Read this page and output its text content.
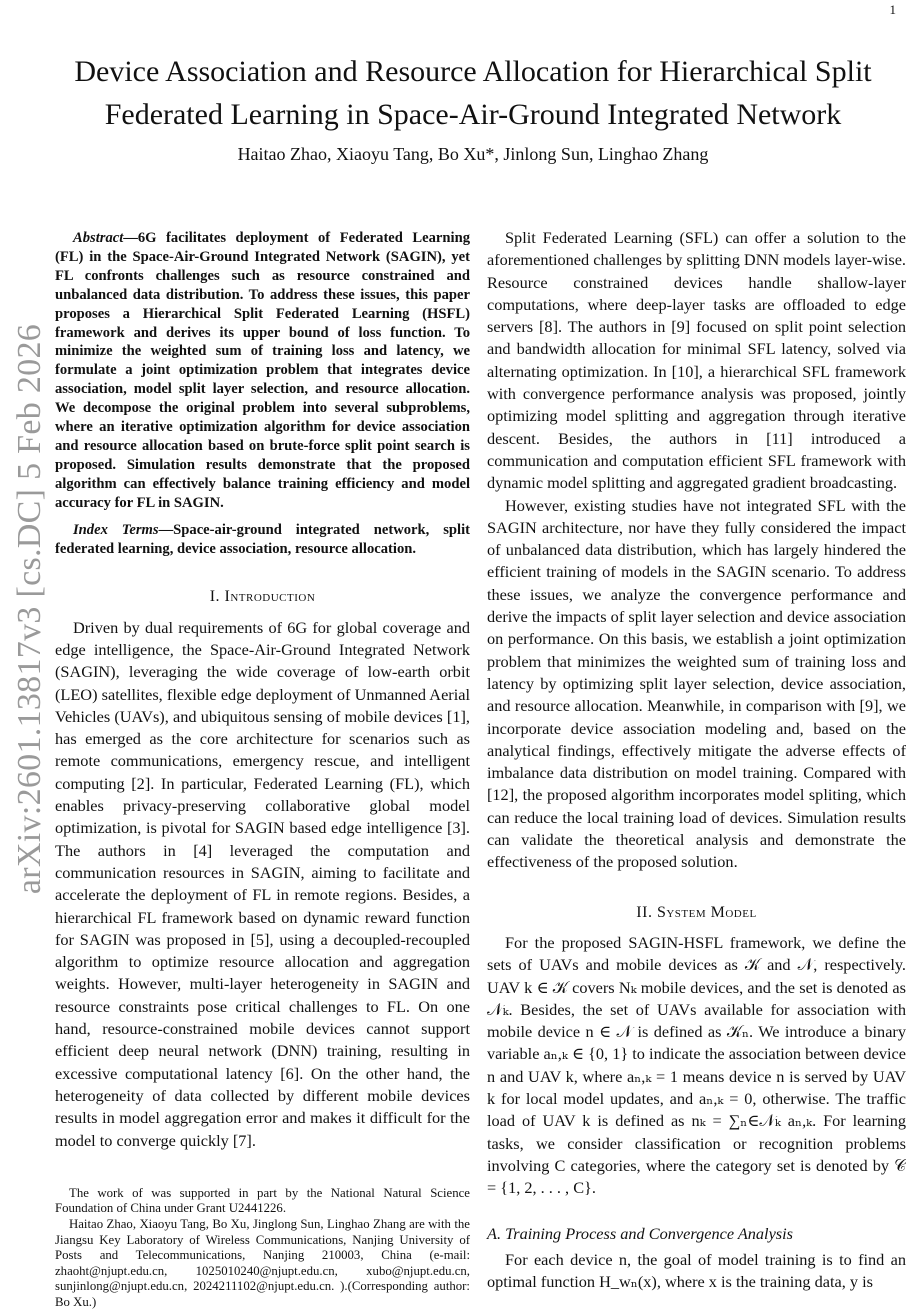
1
arXiv:2601.13817v3 [cs.DC] 5 Feb 2026
Device Association and Resource Allocation for Hierarchical Split
Federated Learning in Space-Air-Ground Integrated Network
Haitao Zhao, Xiaoyu Tang, Bo Xu*, Jinlong Sun, Linghao Zhang

Abstract—6G facilitates deployment of Federated Learning (FL) in the Space-Air-Ground Integrated Network (SAGIN), yet FL confronts challenges such as resource constrained and unbalanced data distribution. To address these issues, this paper proposes a Hierarchical Split Federated Learning (HSFL) framework and derives its upper bound of loss function. To minimize the weighted sum of training loss and latency, we formulate a joint optimization problem that integrates device association, model split layer selection, and resource allocation. We decompose the original problem into several subproblems, where an iterative optimization algorithm for device association and resource allocation based on brute-force split point search is proposed. Simulation results demonstrate that the proposed algorithm can effectively balance training efficiency and model accuracy for FL in SAGIN.

Index Terms—Space-air-ground integrated network, split federated learning, device association, resource allocation.

I. Introduction

Driven by dual requirements of 6G for global coverage and edge intelligence, the Space-Air-Ground Integrated Network (SAGIN), leveraging the wide coverage of low-earth orbit (LEO) satellites, flexible edge deployment of Unmanned Aerial Vehicles (UAVs), and ubiquitous sensing of mobile devices [1], has emerged as the core architecture for scenarios such as remote communications, emergency rescue, and intelligent computing [2]. In particular, Federated Learning (FL), which enables privacy-preserving collaborative global model optimization, is pivotal for SAGIN based edge intelligence [3]. The authors in [4] leveraged the computation and communication resources in SAGIN, aiming to facilitate and accelerate the deployment of FL in remote regions. Besides, a hierarchical FL framework based on dynamic reward function for SAGIN was proposed in [5], using a decoupled-recoupled algorithm to optimize resource allocation and aggregation weights. However, multi-layer heterogeneity in SAGIN and resource constraints pose critical challenges to FL. On one hand, resource-constrained mobile devices cannot support efficient deep neural network (DNN) training, resulting in excessive computational latency [6]. On the other hand, the heterogeneity of data collected by different mobile devices results in model aggregation error and makes it difficult for the model to converge quickly [7].

The work of was supported in part by the National Natural Science Foundation of China under Grant U2441226.

Haitao Zhao, Xiaoyu Tang, Bo Xu, Jinglong Sun, Linghao Zhang are with the Jiangsu Key Laboratory of Wireless Communications, Nanjing University of Posts and Telecommunications, Nanjing 210003, China (e-mail: zhaoht@njupt.edu.cn, 1025010240@njupt.edu.cn, xubo@njupt.edu.cn, sunjinlong@njupt.edu.cn, 2024211102@njupt.edu.cn. ).(Corresponding author: Bo Xu.)

Split Federated Learning (SFL) can offer a solution to the aforementioned challenges by splitting DNN models layer-wise. Resource constrained devices handle shallow-layer computations, where deep-layer tasks are offloaded to edge servers [8]. The authors in [9] focused on split point selection and bandwidth allocation for minimal SFL latency, solved via alternating optimization. In [10], a hierarchical SFL framework with convergence performance analysis was proposed, jointly optimizing model splitting and aggregation through iterative descent. Besides, the authors in [11] introduced a communication and computation efficient SFL framework with dynamic model splitting and aggregated gradient broadcasting.

However, existing studies have not integrated SFL with the SAGIN architecture, nor have they fully considered the impact of unbalanced data distribution, which has largely hindered the efficient training of models in the SAGIN scenario. To address these issues, we analyze the convergence performance and derive the impacts of split layer selection and device association on performance. On this basis, we establish a joint optimization problem that minimizes the weighted sum of training loss and latency by optimizing split layer selection, device association, and resource allocation. Meanwhile, in comparison with [9], we incorporate device association modeling and, based on the analytical findings, effectively mitigate the adverse effects of imbalance data distribution on model training. Compared with [12], the proposed algorithm incorporates model spliting, which can reduce the local training load of devices. Simulation results can validate the theoretical analysis and demonstrate the effectiveness of the proposed solution.

II. System Model

For the proposed SAGIN-HSFL framework, we define the sets of UAVs and mobile devices as 𝒦 and 𝒩, respectively. UAV k ∈ 𝒦 covers Nₖ mobile devices, and the set is denoted as 𝒩ₖ. Besides, the set of UAVs available for association with mobile device n ∈ 𝒩 is defined as 𝒦ₙ. We introduce a binary variable aₙ,ₖ ∈ {0, 1} to indicate the association between device n and UAV k, where aₙ,ₖ = 1 means device n is served by UAV k for local model updates, and aₙ,ₖ = 0, otherwise. The traffic load of UAV k is defined as nₖ = ∑ₙ∈𝒩ₖ aₙ,ₖ. For learning tasks, we consider classification or recognition problems involving C categories, where the category set is denoted by 𝒞 = {1, 2, . . . , C}.

A. Training Process and Convergence Analysis

For each device n, the goal of model training is to find an optimal function H_wₙ(x), where x is the training data, y is
